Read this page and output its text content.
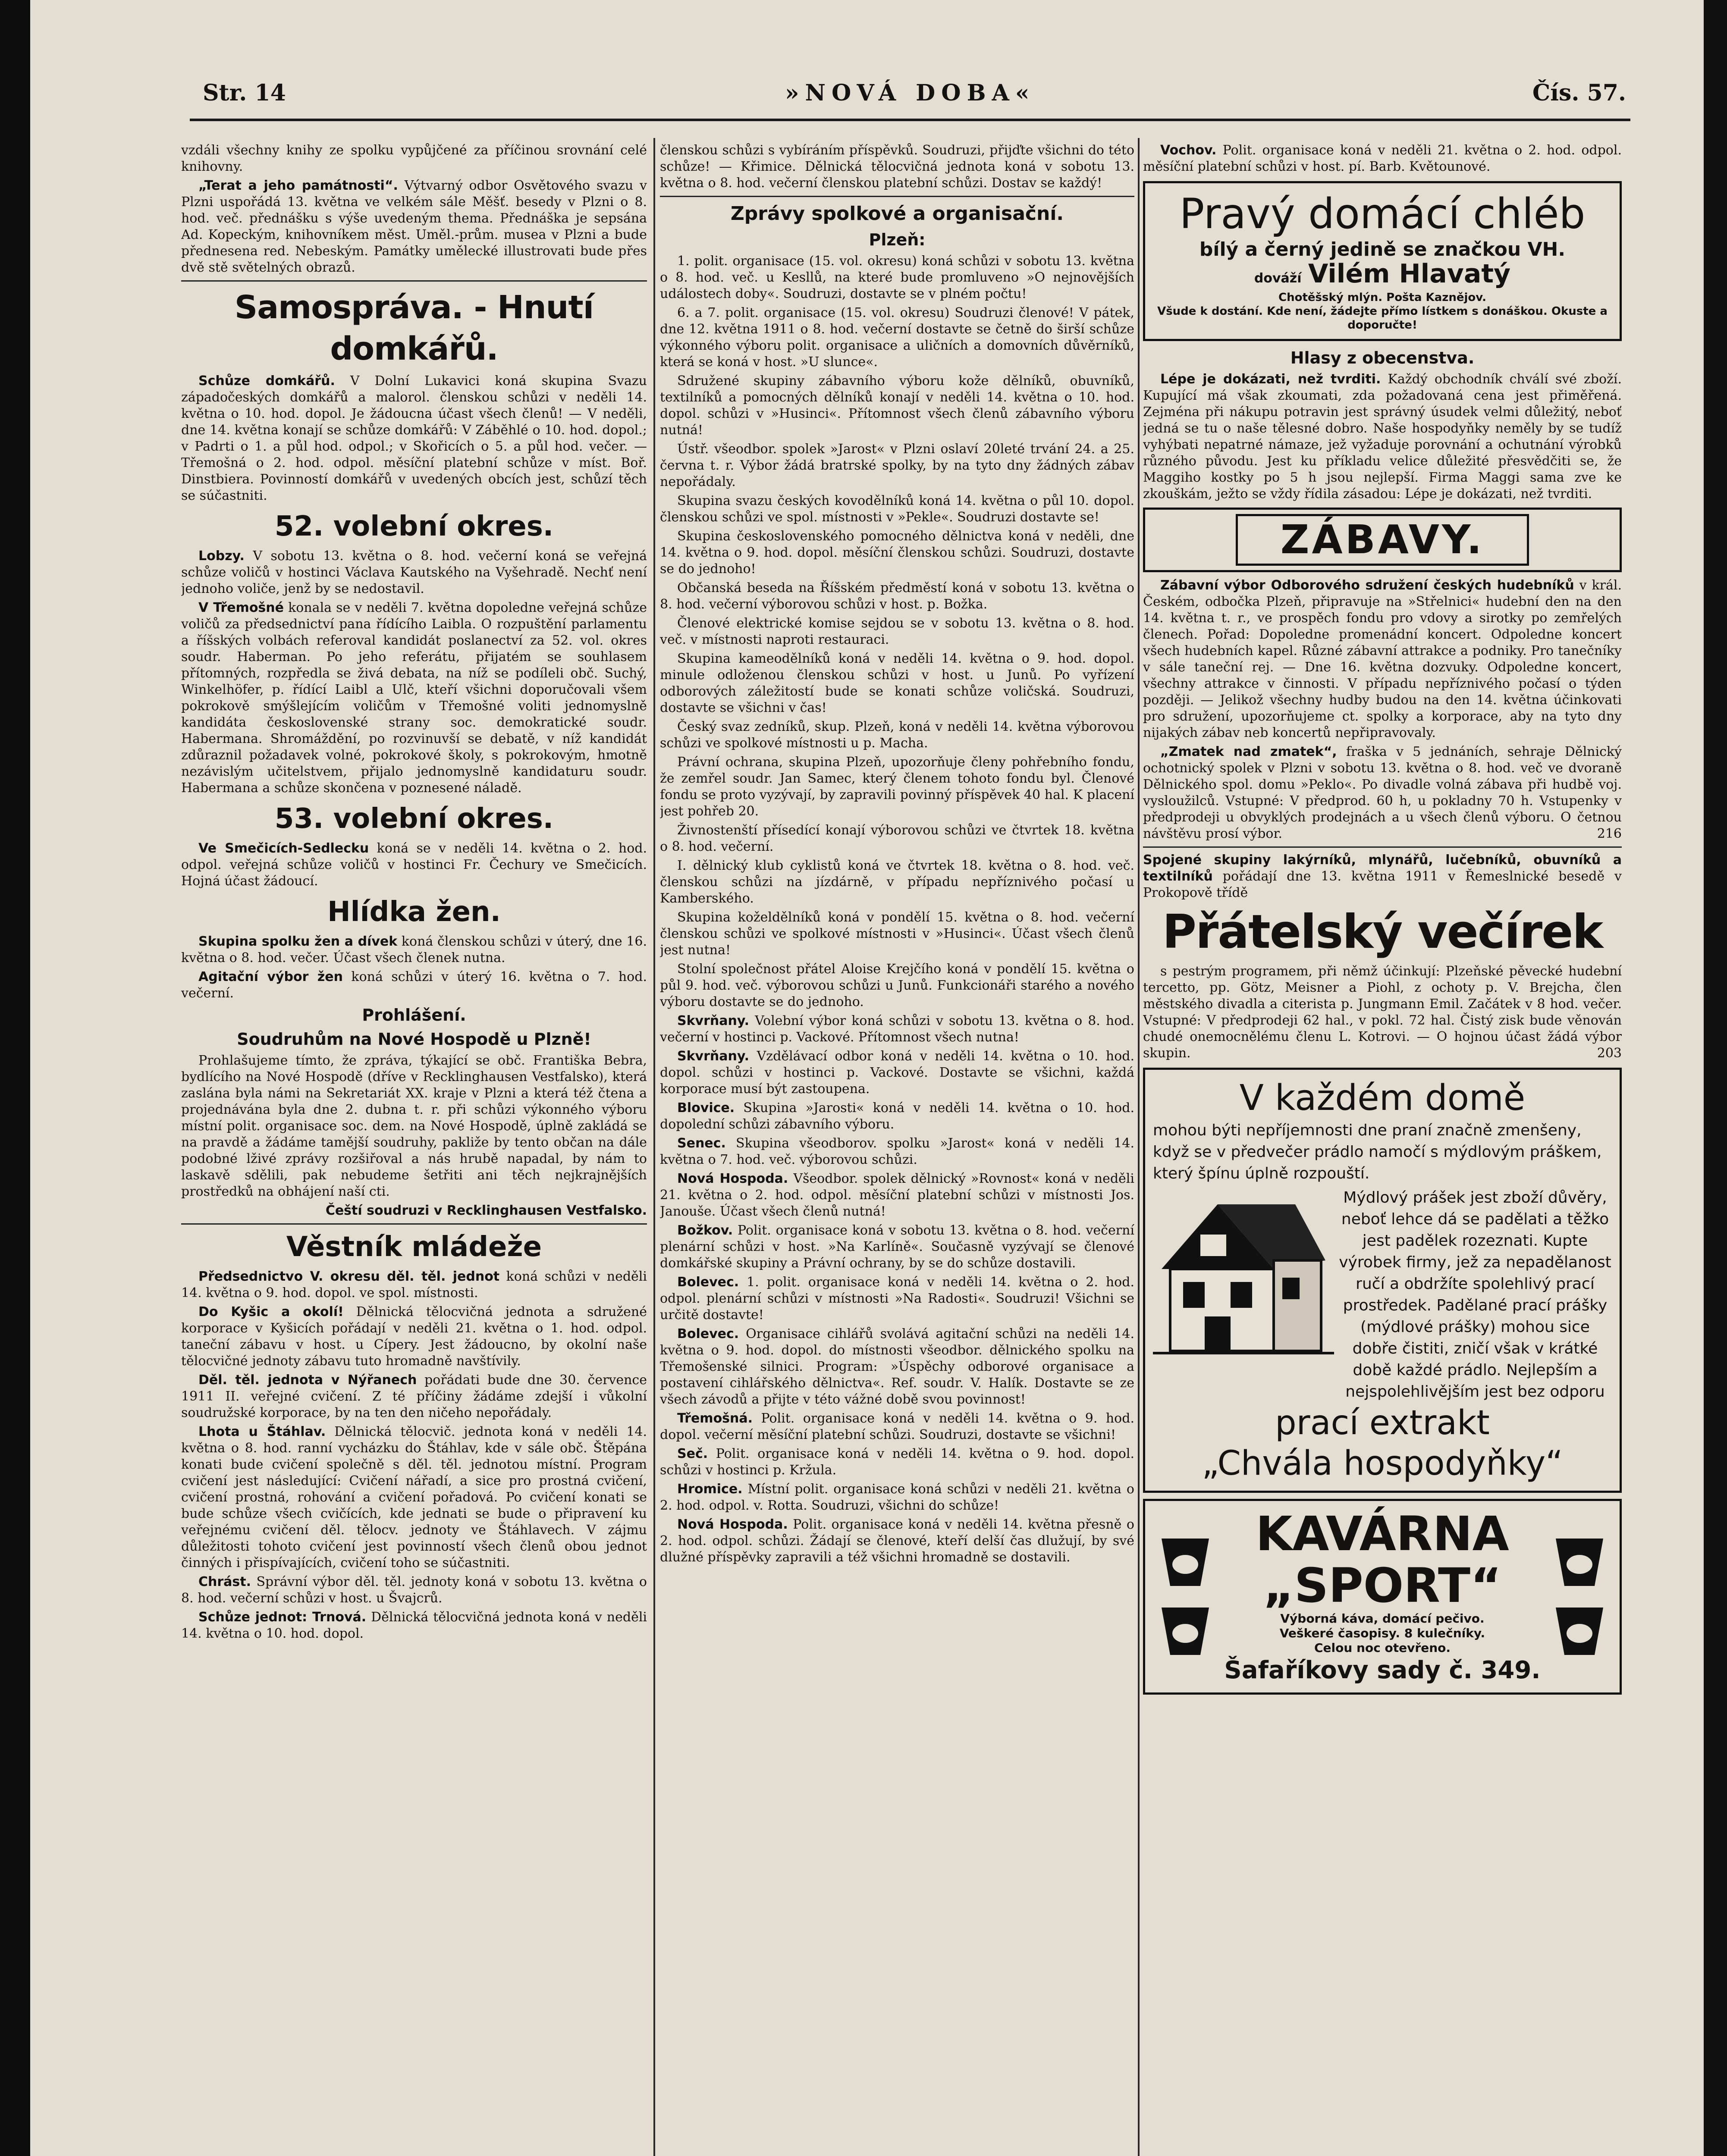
Str. 14	»NOVÁ DOBA«	Čís. 57.

vzdáli všechny knihy ze spolku vypůjčené za příčinou srovnání celé knihovny.

„Terat a jeho památnosti“. Výtvarný odbor Osvětového svazu v Plzni uspořádá 13. května ve velkém sále Měšť. besedy v Plzni o 8. hod. več. přednášku s výše uvedeným thema. Přednáška je sepsána Ad. Kopeckým, knihovníkem měst. Uměl.-prům. musea v Plzni a bude přednesena red. Nebeským. Památky umělecké illustrovati bude přes dvě stě světelných obrazů.

Samospráva. - Hnutí domkářů.

Schůze domkářů. V Dolní Lukavici koná skupina Svazu západočeských domkářů a malorol. členskou schůzi v neděli 14. května o 10. hod. dopol. Je žádoucna účast všech členů! — V neděli, dne 14. května konají se schůze domkářů: V Záběhlé o 10. hod. dopol.; v Padrti o 1. a půl hod. odpol.; v Skořicích o 5. a půl hod. večer. — Třemošná o 2. hod. odpol. měsíční platební schůze v míst. Boř. Dinstbiera. Povinností domkářů v uvedených obcích jest, schůzí těch se súčastniti.

52. volební okres.

Lobzy. V sobotu 13. května o 8. hod. večerní koná se veřejná schůze voličů v hostinci Václava Kautského na Vyšehradě. Nechť není jednoho voliče, jenž by se nedostavil.

V Třemošné konala se v neděli 7. května dopoledne veřejná schůze voličů za předsednictví pana řídícího Laibla. O rozpuštění parlamentu a říšských volbách referoval kandidát poslanectví za 52. vol. okres soudr. Haberman. Po jeho referátu, přijatém se souhlasem přítomných, rozpředla se živá debata, na níž se podíleli obč. Suchý, Winkelhöfer, p. řídící Laibl a Ulč, kteří všichni doporučovali všem pokrokově smýšlejícím voličům v Třemošné voliti jednomyslně kandidáta československé strany soc. demokratické soudr. Habermana. Shromáždění, po rozvinuvší se debatě, v níž kandidát zdůraznil požadavek volné, pokrokové školy, s pokrokovým, hmotně nezávislým učitelstvem, přijalo jednomyslně kandidaturu soudr. Habermana a schůze skončena v poznesené náladě.

53. volební okres.

Ve Smečicích-Sedlecku koná se v neděli 14. května o 2. hod. odpol. veřejná schůze voličů v hostinci Fr. Čechury ve Smečicích. Hojná účast žádoucí.

Hlídka žen.

Skupina spolku žen a dívek koná členskou schůzi v úterý, dne 16. května o 8. hod. večer. Účast všech členek nutna.

Agitační výbor žen koná schůzi v úterý 16. května o 7. hod. večerní.

Prohlášení.
Soudruhům na Nové Hospodě u Plzně!

Prohlašujeme tímto, že zpráva, týkající se obč. Františka Bebra, bydlícího na Nové Hospodě (dříve v Recklinghausen Vestfalsko), která zaslána byla námi na Sekretariát XX. kraje v Plzni a která též čtena a projednávána byla dne 2. dubna t. r. při schůzi výkonného výboru místní polit. organisace soc. dem. na Nové Hospodě, úplně zakládá se na pravdě a žádáme tamější soudruhy, pakliže by tento občan na dále podobné lživé zprávy rozšiřoval a nás hrubě napadal, by nám to laskavě sdělili, pak nebudeme šetřiti ani těch nejkrajnějších prostředků na obhájení naší cti.

Čeští soudruzi v Recklinghausen Vestfalsko.

Věstník mládeže

Předsednictvo V. okresu děl. těl. jednot koná schůzi v neděli 14. května o 9. hod. dopol. ve spol. místnosti.

Do Kyšic a okolí! Dělnická tělocvičná jednota a sdružené korporace v Kyšicích pořádají v neděli 21. května o 1. hod. odpol. taneční zábavu v host. u Cípery. Jest žádoucno, by okolní naše tělocvičné jednoty zábavu tuto hromadně navštívily.

Děl. těl. jednota v Nýřanech pořádati bude dne 30. července 1911 II. veřejné cvičení. Z té příčiny žádáme zdejší i vůkolní soudružské korporace, by na ten den ničeho nepořádaly.

Lhota u Štáhlav. Dělnická tělocvič. jednota koná v neděli 14. května o 8. hod. ranní vycházku do Štáhlav, kde v sále obč. Štěpána konati bude cvičení společně s děl. těl. jednotou místní. Program cvičení jest následující: Cvičení nářadí, a sice pro prostná cvičení, cvičení prostná, rohování a cvičení pořadová. Po cvičení konati se bude schůze všech cvičících, kde jednati se bude o připravení ku veřejnému cvičení děl. tělocv. jednoty ve Štáhlavech. V zájmu důležitosti tohoto cvičení jest povinností všech členů obou jednot činných i přispívajících, cvičení toho se súčastniti.

Chrást. Správní výbor děl. těl. jednoty koná v sobotu 13. května o 8. hod. večerní schůzi v host. u Švajcrů.

Schůze jednot: Trnová. Dělnická tělocvičná jednota koná v neděli 14. května o 10. hod. dopol.

členskou schůzi s vybíráním příspěvků. Soudruzi, přijďte všichni do této schůze! — Křimice. Dělnická tělocvičná jednota koná v sobotu 13. května o 8. hod. večerní členskou platební schůzi. Dostav se každý!

Zprávy spolkové a organisační.
Plzeň:

1. polit. organisace (15. vol. okresu) koná schůzi v sobotu 13. května o 8. hod. več. u Kesllů, na které bude promluveno »O nejnovějších událostech doby«. Soudruzi, dostavte se v plném počtu!

6. a 7. polit. organisace (15. vol. okresu) Soudruzi členové! V pátek, dne 12. května 1911 o 8. hod. večerní dostavte se četně do širší schůze výkonného výboru polit. organisace a uličních a domovních důvěrníků, která se koná v host. »U slunce«.

Sdružené skupiny zábavního výboru kože dělníků, obuvníků, textilníků a pomocných dělníků konají v neděli 14. května o 10. hod. dopol. schůzi v »Husinci«. Přítomnost všech členů zábavního výboru nutná!

Ústř. všeodbor. spolek »Jarost« v Plzni oslaví 20leté trvání 24. a 25. června t. r. Výbor žádá bratrské spolky, by na tyto dny žádných zábav nepořádaly.

Skupina svazu českých kovodělníků koná 14. května o půl 10. dopol. členskou schůzi ve spol. místnosti v »Pekle«. Soudruzi dostavte se!

Skupina československého pomocného dělnictva koná v neděli, dne 14. května o 9. hod. dopol. měsíční členskou schůzi. Soudruzi, dostavte se do jednoho!

Občanská beseda na Říšském předměstí koná v sobotu 13. května o 8. hod. večerní výborovou schůzi v host. p. Božka.

Členové elektrické komise sejdou se v sobotu 13. května o 8. hod. več. v místnosti naproti restauraci.

Skupina kameodělníků koná v neděli 14. května o 9. hod. dopol. minule odloženou členskou schůzi v host. u Junů. Po vyřízení odborových záležitostí bude se konati schůze voličská. Soudruzi, dostavte se všichni v čas!

Český svaz zedníků, skup. Plzeň, koná v neděli 14. května výborovou schůzi ve spolkové místnosti u p. Macha.

Právní ochrana, skupina Plzeň, upozorňuje členy pohřebního fondu, že zemřel soudr. Jan Samec, který členem tohoto fondu byl. Členové fondu se proto vyzývají, by zapravili povinný příspěvek 40 hal. K placení jest pohřeb 20.

Živnostenští přísedící konají výborovou schůzi ve čtvrtek 18. května o 8. hod. večerní.

I. dělnický klub cyklistů koná ve čtvrtek 18. května o 8. hod. več. členskou schůzi na jízdárně, v případu nepříznivého počasí u Kamberského.

Skupina koželdělníků koná v pondělí 15. května o 8. hod. večerní členskou schůzi ve spolkové místnosti v »Husinci«. Účast všech členů jest nutna!

Stolní společnost přátel Aloise Krejčího koná v pondělí 15. května o půl 9. hod. več. výborovou schůzi u Junů. Funkcionáři starého a nového výboru dostavte se do jednoho.

Skvrňany. Volební výbor koná schůzi v sobotu 13. května o 8. hod. večerní v hostinci p. Vackové. Přítomnost všech nutna!

Skvrňany. Vzdělávací odbor koná v neděli 14. května o 10. hod. dopol. schůzi v hostinci p. Vackové. Dostavte se všichni, každá korporace musí být zastoupena.

Blovice. Skupina »Jarosti« koná v neděli 14. května o 10. hod. dopolední schůzi zábavního výboru.

Senec. Skupina všeodborov. spolku »Jarost« koná v neděli 14. května o 7. hod. več. výborovou schůzi.

Nová Hospoda. Všeodbor. spolek dělnický »Rovnost« koná v neděli 21. května o 2. hod. odpol. měsíční platební schůzi v místnosti Jos. Janouše. Účast všech členů nutná!

Božkov. Polit. organisace koná v sobotu 13. května o 8. hod. večerní plenární schůzi v host. »Na Karlíně«. Současně vyzývají se členové domkářské skupiny a Právní ochrany, by se do schůze dostavili.

Bolevec. 1. polit. organisace koná v neděli 14. května o 2. hod. odpol. plenární schůzi v místnosti »Na Radosti«. Soudruzi! Všichni se určitě dostavte!

Bolevec. Organisace cihlářů svolává agitační schůzi na neděli 14. května o 9. hod. dopol. do místnosti všeodbor. dělnického spolku na Třemošenské silnici. Program: »Úspěchy odborové organisace a postavení cihlářského dělnictva«. Ref. soudr. V. Halík. Dostavte se ze všech závodů a přijte v této vážné době svou povinnost!

Třemošná. Polit. organisace koná v neděli 14. května o 9. hod. dopol. večerní měsíční platební schůzi. Soudruzi, dostavte se všichni!

Seč. Polit. organisace koná v neděli 14. května o 9. hod. dopol. schůzi v hostinci p. Kržula.

Hromice. Místní polit. organisace koná schůzi v neděli 21. května o 2. hod. odpol. v. Rotta. Soudruzi, všichni do schůze!

Nová Hospoda. Polit. organisace koná v neděli 14. května přesně o 2. hod. odpol. schůzi. Žádají se členové, kteří delší čas dlužují, by své dlužné příspěvky zapravili a též všichni hromadně se dostavili.

Vochov. Polit. organisace koná v neděli 21. května o 2. hod. odpol. měsíční platební schůzi v host. pí. Barb. Květounové.

Pravý domácí chléb
bílý a černý jedině se značkou VH.
dováží Vilém Hlavatý
Chotěšský mlýn. Pošta Kaznějov.
Všude k dostání. Kde není, žádejte přímo lístkem s donáškou. Okuste a doporučte!
Hlasy z obecenstva.

Lépe je dokázati, než tvrditi. Každý obchodník chválí své zboží. Kupující má však zkoumati, zda požadovaná cena jest přiměřená. Zejména při nákupu potravin jest správný úsudek velmi důležitý, neboť jedná se tu o naše tělesné dobro. Naše hospodyňky neměly by se tudíž vyhýbati nepatrné námaze, jež vyžaduje porovnání a ochutnání výrobků různého původu. Jest ku příkladu velice důležité přesvědčiti se, že Maggiho kostky po 5 h jsou nejlepší. Firma Maggi sama zve ke zkouškám, ježto se vždy řídila zásadou: Lépe je dokázati, než tvrditi.

ZÁBAVY.

Zábavní výbor Odborového sdružení českých hudebníků v král. Českém, odbočka Plzeň, připravuje na »Střelnici« hudební den na den 14. května t. r., ve prospěch fondu pro vdovy a sirotky po zemřelých členech. Pořad: Dopoledne promenádní koncert. Odpoledne koncert všech hudebních kapel. Různé zábavní attrakce a podniky. Pro tanečníky v sále taneční rej. — Dne 16. května dozvuky. Odpoledne koncert, všechny attrakce v činnosti. V případu nepříznivého počasí o týden později. — Jelikož všechny hudby budou na den 14. května účinkovati pro sdružení, upozorňujeme ct. spolky a korporace, aby na tyto dny nijakých zábav neb koncertů nepřipravovaly.

„Zmatek nad zmatek“, fraška v 5 jednáních, sehraje Dělnický ochotnický spolek v Plzni v sobotu 13. května o 8. hod. več ve dvoraně Dělnického spol. domu »Peklo«. Po divadle volná zábava při hudbě voj. vysloužilců. Vstupné: V předprod. 60 h, u pokladny 70 h. Vstupenky v předprodeji u obvyklých prodejnách a u všech členů výboru. O četnou návštěvu prosí výbor.	216

Spojené skupiny lakýrníků, mlynářů, lučebníků, obuvníků a textilníků pořádají dne 13. května 1911 v Řemeslnické besedě v Prokopově třídě

Přátelský večírek

s pestrým programem, při němž účinkují: Plzeňské pěvecké hudební tercetto, pp. Götz, Meisner a Piohl, z ochoty p. V. Brejcha, člen městského divadla a citerista p. Jungmann Emil. Začátek v 8 hod. večer. Vstupné: V předprodeji 62 hal., v pokl. 72 hal. Čistý zisk bude věnován chudé onemocnělému členu L. Kotrovi. — O hojnou účast žádá výbor skupin.	203

V každém domě
mohou býti nepříjemnosti dne praní značně zmenšeny, když se v předvečer prádlo namočí s mýdlovým práškem, který špínu úplně rozpouští.
Mýdlový prášek jest zboží důvěry, neboť lehce dá se padělati a těžko jest padělek rozeznati. Kupte výrobek firmy, jež za nepadělanost ručí a obdržíte spolehlivý prací prostředek. Padělané prací prášky (mýdlové prášky) mohou sice dobře čistiti, zničí však v krátké době každé prádlo. Nejlepším a nejspolehlivějším jest bez odporu
prací extrakt
„Chvála hospodyňky“
KAVÁRNA
„SPORT“
Výborná káva, domácí pečivo.
Veškeré časopisy. 8 kulečníky.
Celou noc otevřeno.
Šafaříkovy sady č. 349.
